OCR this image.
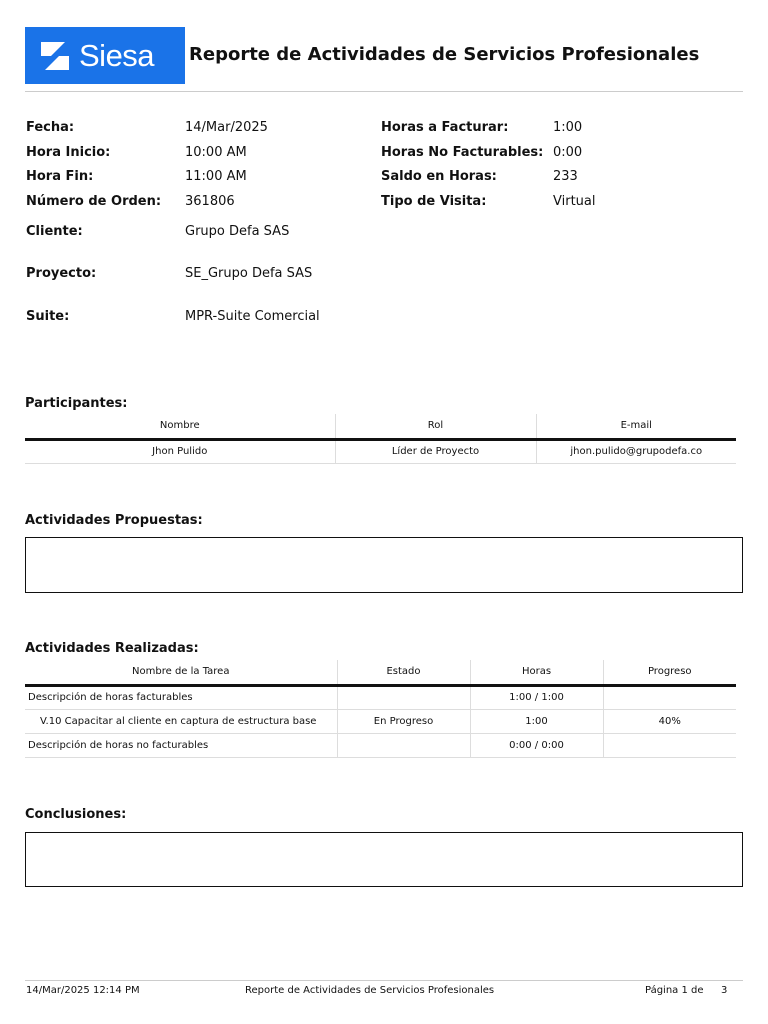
Siesa Reporte de Actividades de Servicios Profesionales
Fecha:	14/Mar/2025
Hora Inicio:	10:00 AM
Hora Fin:	11:00 AM
Número de Orden: 361806
Horas a Facturar:	1:00
Horas No Facturables: 0:00
Saldo en Horas:	233
Tipo de Visita:	Virtual
Cliente:	Grupo Defa SAS
Proyecto:	SE_Grupo Defa SAS
Suite:	MPR-Suite Comercial
Participantes:
Nombre	Rol	E-mail
Jhon Pulido	Líder de Proyecto	jhon.pulido@grupodefa.co
Actividades Propuestas:
Actividades Realizadas:
Nombre de la Tarea	Estado	Horas	Progreso
Descripción de horas facturables		1:00 / 1:00	
V.10 Capacitar al cliente en captura de estructura base	En Progreso	1:00	40%
Descripción de horas no facturables		0:00 / 0:00	
Conclusiones:
14/Mar/2025 12:14 PM	Reporte de Actividades de Servicios Profesionales	Página 1 de 3
